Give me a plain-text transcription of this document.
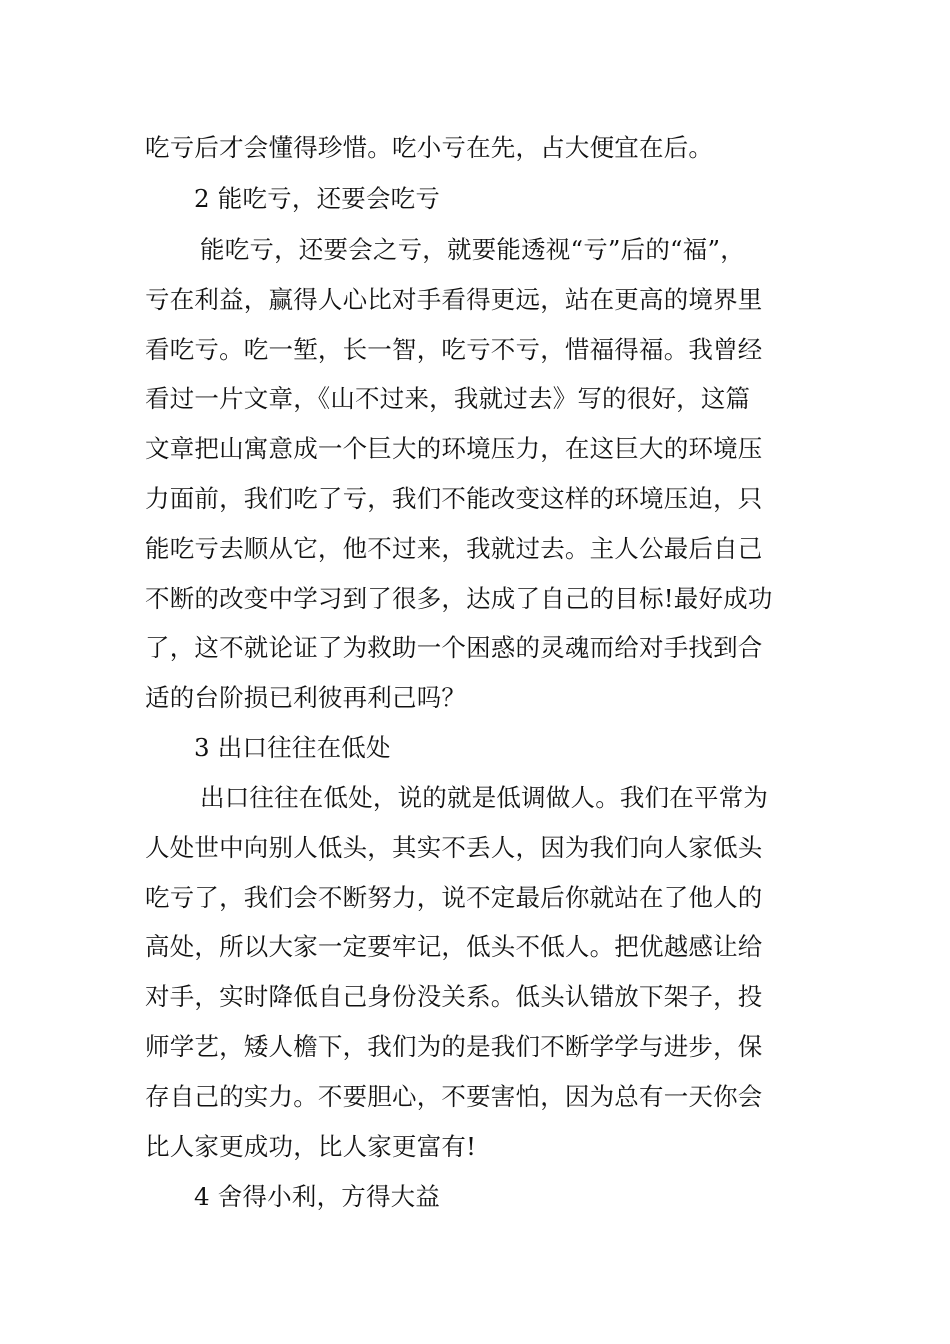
吃亏后才会懂得珍惜。吃小亏在先，占大便宜在后。
2 能吃亏，还要会吃亏
能吃亏，还要会之亏，就要能透视“亏”后的“福”，
亏在利益，赢得人心比对手看得更远，站在更高的境界里
看吃亏。吃一堑，长一智，吃亏不亏，惜福得福。我曾经
看过一片文章，《山不过来，我就过去》写的很好，这篇
文章把山寓意成一个巨大的环境压力，在这巨大的环境压
力面前，我们吃了亏，我们不能改变这样的环境压迫，只
能吃亏去顺从它，他不过来，我就过去。主人公最后自己
不断的改变中学习到了很多，达成了自己的目标!最好成功
了，这不就论证了为救助一个困惑的灵魂而给对手找到合
适的台阶损已利彼再利己吗？
3 出口往往在低处
出口往往在低处，说的就是低调做人。我们在平常为
人处世中向别人低头，其实不丢人，因为我们向人家低头
吃亏了，我们会不断努力，说不定最后你就站在了他人的
高处，所以大家一定要牢记，低头不低人。把优越感让给
对手，实时降低自己身份没关系。低头认错放下架子，投
师学艺，矮人檐下，我们为的是我们不断学学与进步，保
存自己的实力。不要胆心，不要害怕，因为总有一天你会
比人家更成功，比人家更富有!
4 舍得小利，方得大益
